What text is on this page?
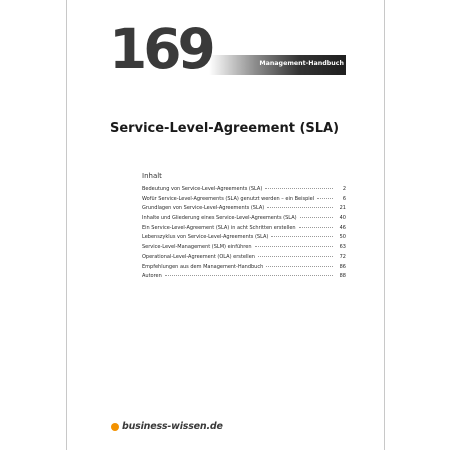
169	Management-Handbuch
Service-Level-Agreement (SLA)
Inhalt
Bedeutung von Service-Level-Agreements (SLA)	2
Wofür Service-Level-Agreements (SLA) genutzt werden – ein Beispiel	6
Grundlagen von Service-Level-Agreements (SLA)	21
Inhalte und Gliederung eines Service-Level-Agreements (SLA)	40
Ein Service-Level-Agreement (SLA) in acht Schritten erstellen	46
Lebenszyklus von Service-Level-Agreements (SLA)	50
Service-Level-Management (SLM) einführen	63
Operational-Level-Agreement (OLA) erstellen	72
Empfehlungen aus dem Management-Handbuch	86
Autoren	88
business-wissen.de
